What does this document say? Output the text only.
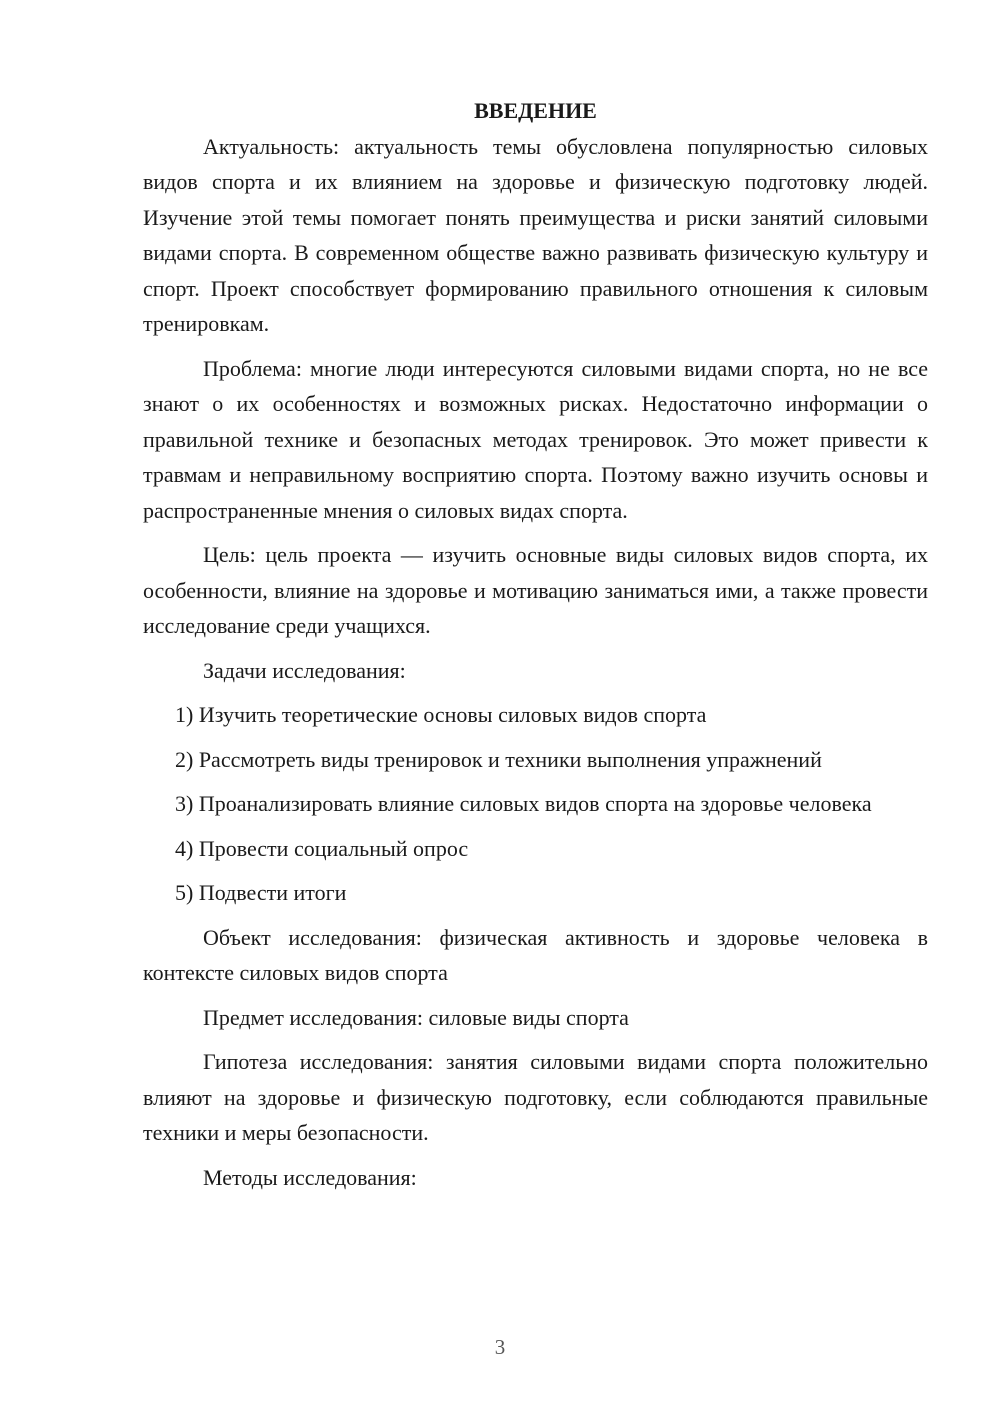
ВВЕДЕНИЕ

Актуальность: актуальность темы обусловлена популярностью силовых видов спорта и их влиянием на здоровье и физическую подготовку людей. Изучение этой темы помогает понять преимущества и риски занятий силовыми видами спорта. В современном обществе важно развивать физическую культуру и спорт. Проект способствует формированию правильного отношения к силовым тренировкам.

Проблема: многие люди интересуются силовыми видами спорта, но не все знают о их особенностях и возможных рисках. Недостаточно информации о правильной технике и безопасных методах тренировок. Это может привести к травмам и неправильному восприятию спорта. Поэтому важно изучить основы и распространенные мнения о силовых видах спорта.

Цель: цель проекта — изучить основные виды силовых видов спорта, их особенности, влияние на здоровье и мотивацию заниматься ими, а также провести исследование среди учащихся.

Задачи исследования:

1) Изучить теоретические основы силовых видов спорта

2) Рассмотреть виды тренировок и техники выполнения упражнений

3) Проанализировать влияние силовых видов спорта на здоровье человека

4) Провести социальный опрос

5) Подвести итоги

Объект исследования: физическая активность и здоровье человека в контексте силовых видов спорта

Предмет исследования: силовые виды спорта

Гипотеза исследования: занятия силовыми видами спорта положительно влияют на здоровье и физическую подготовку, если соблюдаются правильные техники и меры безопасности.

Методы исследования:

3
